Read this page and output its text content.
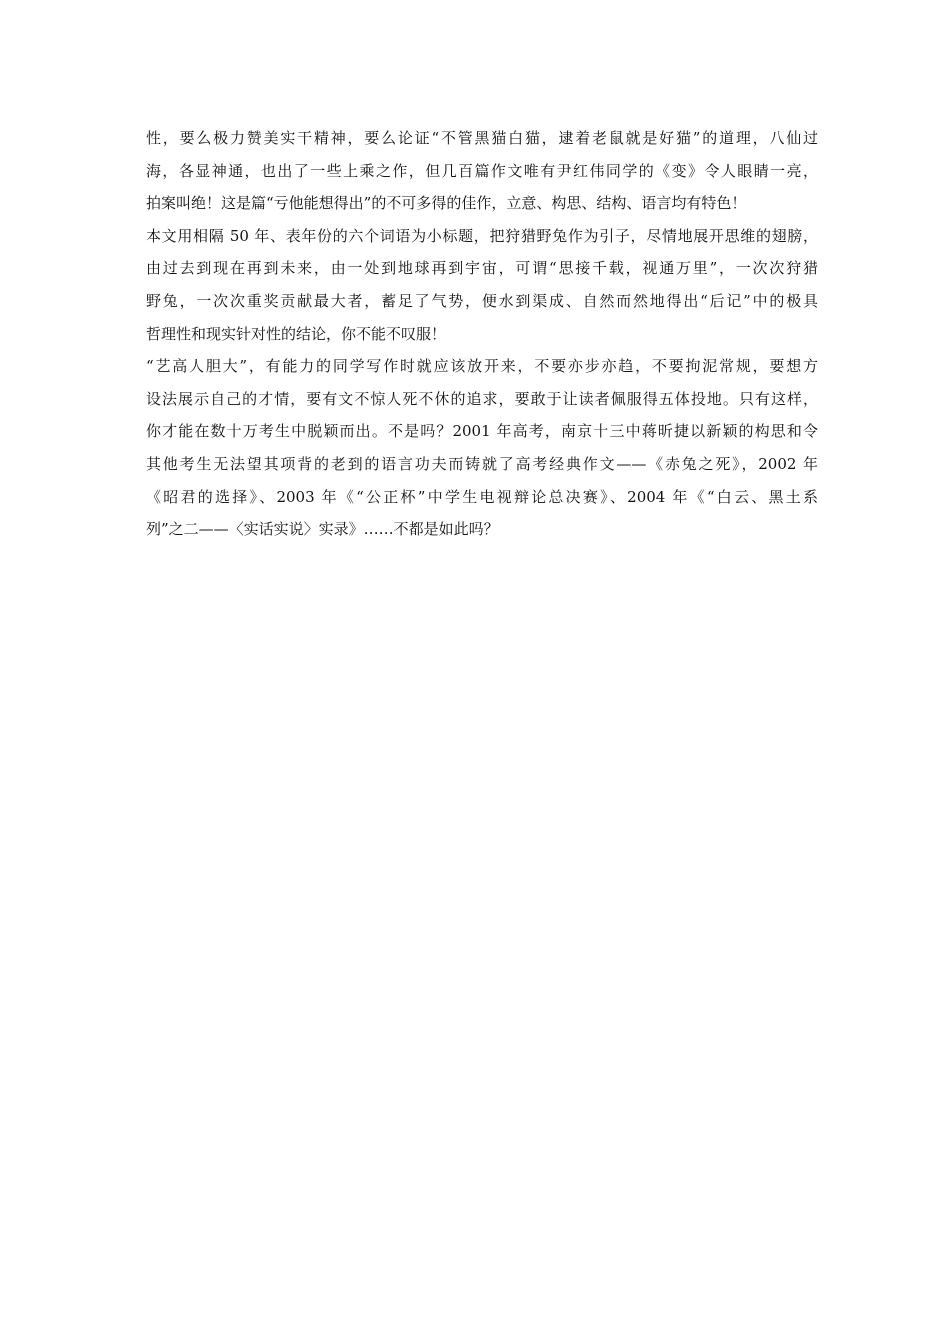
性，要么极力赞美实干精神，要么论证“不管黑猫白猫，逮着老鼠就是好猫”的道理，八仙过
海，各显神通，也出了一些上乘之作，但几百篇作文唯有尹红伟同学的《变》令人眼睛一亮，
拍案叫绝！这是篇“亏他能想得出”的不可多得的佳作，立意、构思、结构、语言均有特色！
本文用相隔 50 年、表年份的六个词语为小标题，把狩猎野兔作为引子，尽情地展开思维的翅膀，
由过去到现在再到未来，由一处到地球再到宇宙，可谓“思接千载，视通万里”，一次次狩猎
野兔，一次次重奖贡献最大者，蓄足了气势，便水到渠成、自然而然地得出“后记”中的极具
哲理性和现实针对性的结论，你不能不叹服！
“艺高人胆大”，有能力的同学写作时就应该放开来，不要亦步亦趋，不要拘泥常规，要想方
设法展示自己的才情，要有文不惊人死不休的追求，要敢于让读者佩服得五体投地。只有这样，
你才能在数十万考生中脱颖而出。不是吗？2001 年高考，南京十三中蒋昕捷以新颖的构思和令
其他考生无法望其项背的老到的语言功夫而铸就了高考经典作文——《赤兔之死》，2002 年
《昭君的选择》、2003 年《“公正杯”中学生电视辩论总决赛》、2004 年《“白云、黑土系
列”之二——〈实话实说〉实录》……不都是如此吗？
